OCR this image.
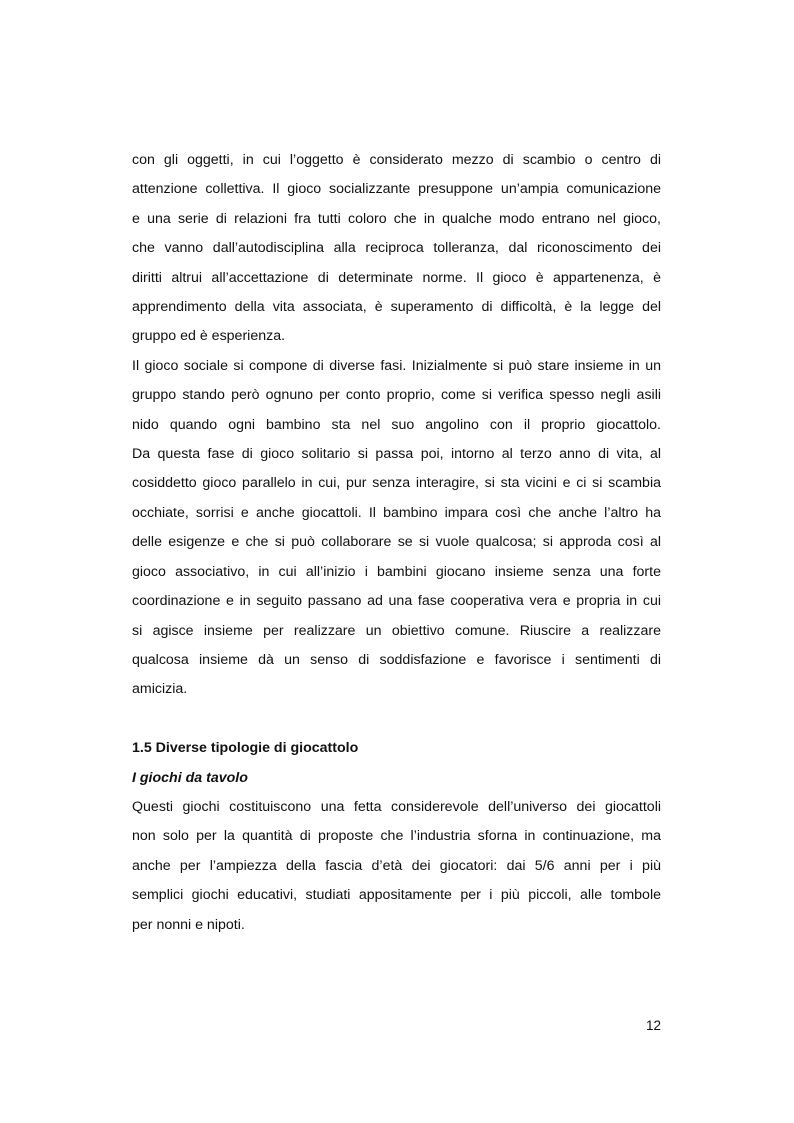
con gli oggetti, in cui l’oggetto è considerato mezzo di scambio o centro di
attenzione collettiva. Il gioco socializzante presuppone un’ampia comunicazione
e una serie di relazioni fra tutti coloro che in qualche modo entrano nel gioco,
che vanno dall’autodisciplina alla reciproca tolleranza, dal riconoscimento dei
diritti altrui all’accettazione di determinate norme. Il gioco è appartenenza, è
apprendimento della vita associata, è superamento di difficoltà, è la legge del
gruppo ed è esperienza.

Il gioco sociale si compone di diverse fasi. Inizialmente si può stare insieme in un
gruppo stando però ognuno per conto proprio, come si verifica spesso negli asili
nido quando ogni bambino sta nel suo angolino con il proprio giocattolo.
Da questa fase di gioco solitario si passa poi, intorno al terzo anno di vita, al
cosiddetto gioco parallelo in cui, pur senza interagire, si sta vicini e ci si scambia
occhiate, sorrisi e anche giocattoli. Il bambino impara così che anche l’altro ha
delle esigenze e che si può collaborare se si vuole qualcosa; si approda così al
gioco associativo, in cui all’inizio i bambini giocano insieme senza una forte
coordinazione e in seguito passano ad una fase cooperativa vera e propria in cui
si agisce insieme per realizzare un obiettivo comune. Riuscire a realizzare
qualcosa insieme dà un senso di soddisfazione e favorisce i sentimenti di
amicizia.

1.5 Diverse tipologie di giocattolo
I giochi da tavolo

Questi giochi costituiscono una fetta considerevole dell’universo dei giocattoli
non solo per la quantità di proposte che l’industria sforna in continuazione, ma
anche per l’ampiezza della fascia d’età dei giocatori: dai 5/6 anni per i più
semplici giochi educativi, studiati appositamente per i più piccoli, alle tombole
per nonni e nipoti.

12
